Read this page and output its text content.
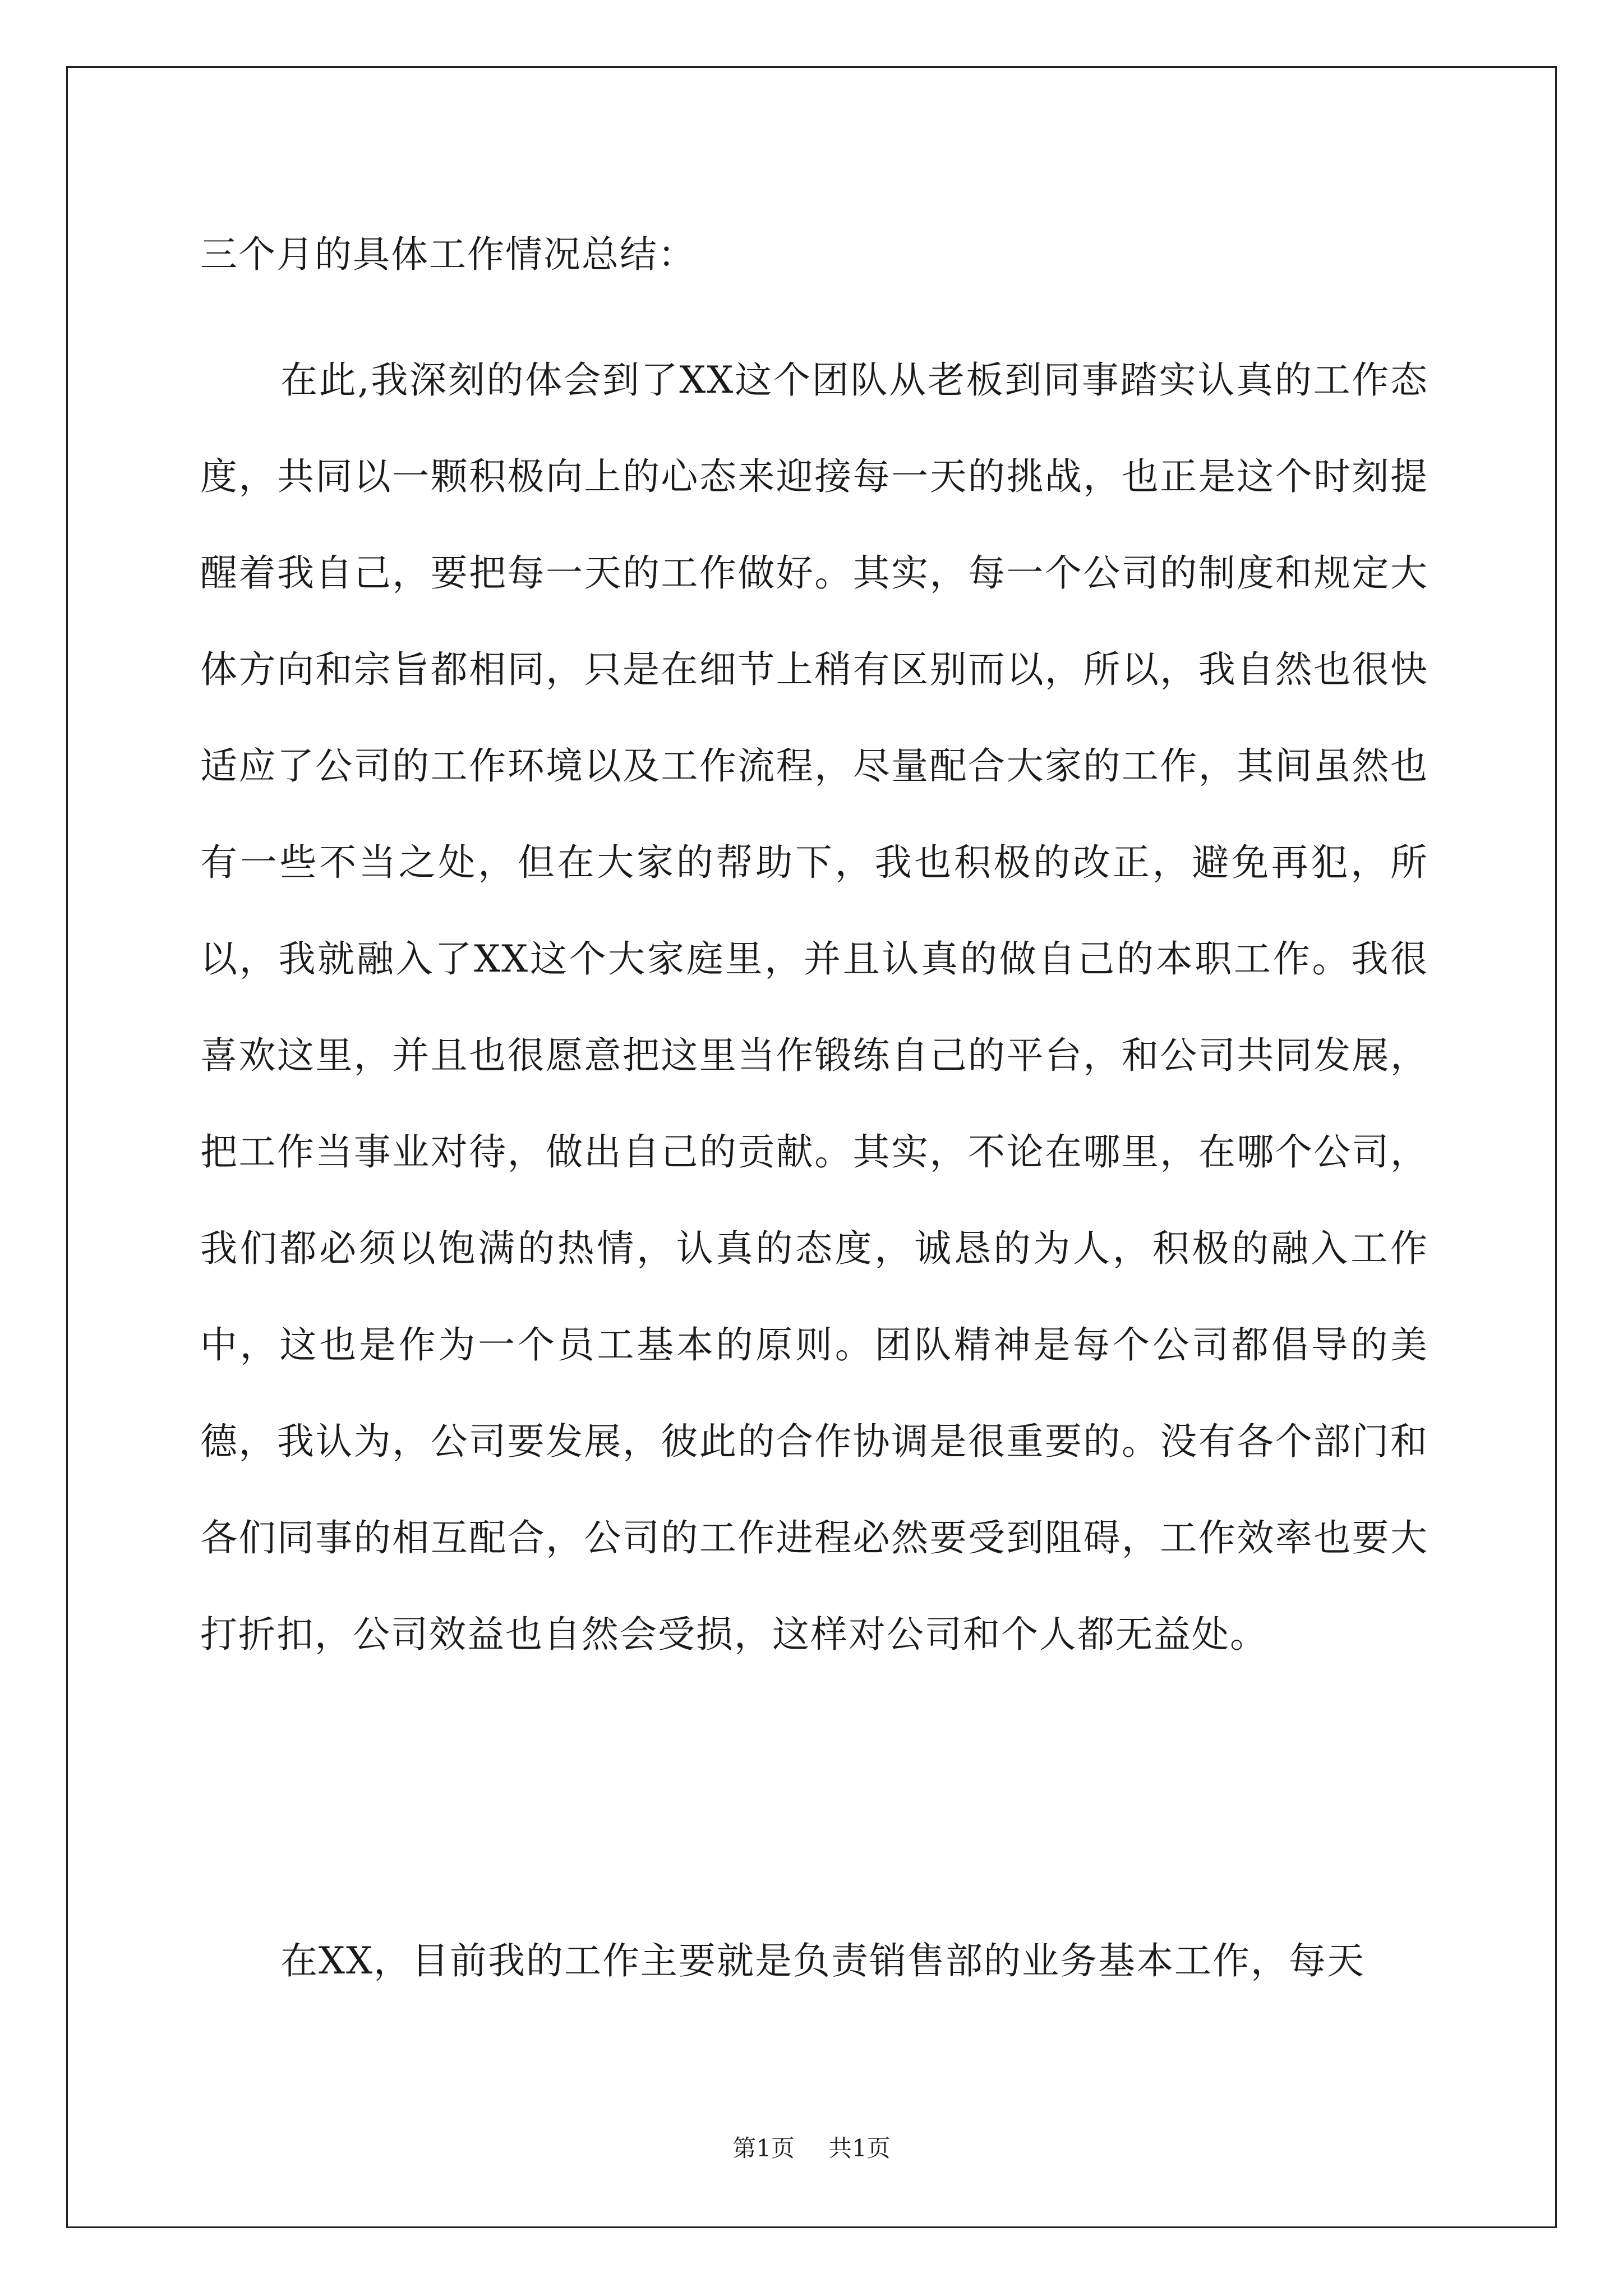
三个月的具体工作情况总结：

在此,我深刻的体会到了XX这个团队从老板到同事踏实认真的工作态度，共同以一颗积极向上的心态来迎接每一天的挑战，也正是这个时刻提醒着我自己，要把每一天的工作做好。其实，每一个公司的制度和规定大体方向和宗旨都相同，只是在细节上稍有区别而以，所以，我自然也很快适应了公司的工作环境以及工作流程，尽量配合大家的工作，其间虽然也有一些不当之处，但在大家的帮助下，我也积极的改正，避免再犯，所以，我就融入了XX这个大家庭里，并且认真的做自己的本职工作。我很喜欢这里，并且也很愿意把这里当作锻练自己的平台，和公司共同发展，把工作当事业对待，做出自己的贡献。其实，不论在哪里，在哪个公司，我们都必须以饱满的热情，认真的态度，诚恳的为人，积极的融入工作中，这也是作为一个员工基本的原则。团队精神是每个公司都倡导的美德，我认为，公司要发展，彼此的合作协调是很重要的。没有各个部门和各们同事的相互配合，公司的工作进程必然要受到阻碍，工作效率也要大打折扣，公司效益也自然会受损，这样对公司和个人都无益处。

在XX，目前我的工作主要就是负责销售部的业务基本工作，每天

第1页 共1页
